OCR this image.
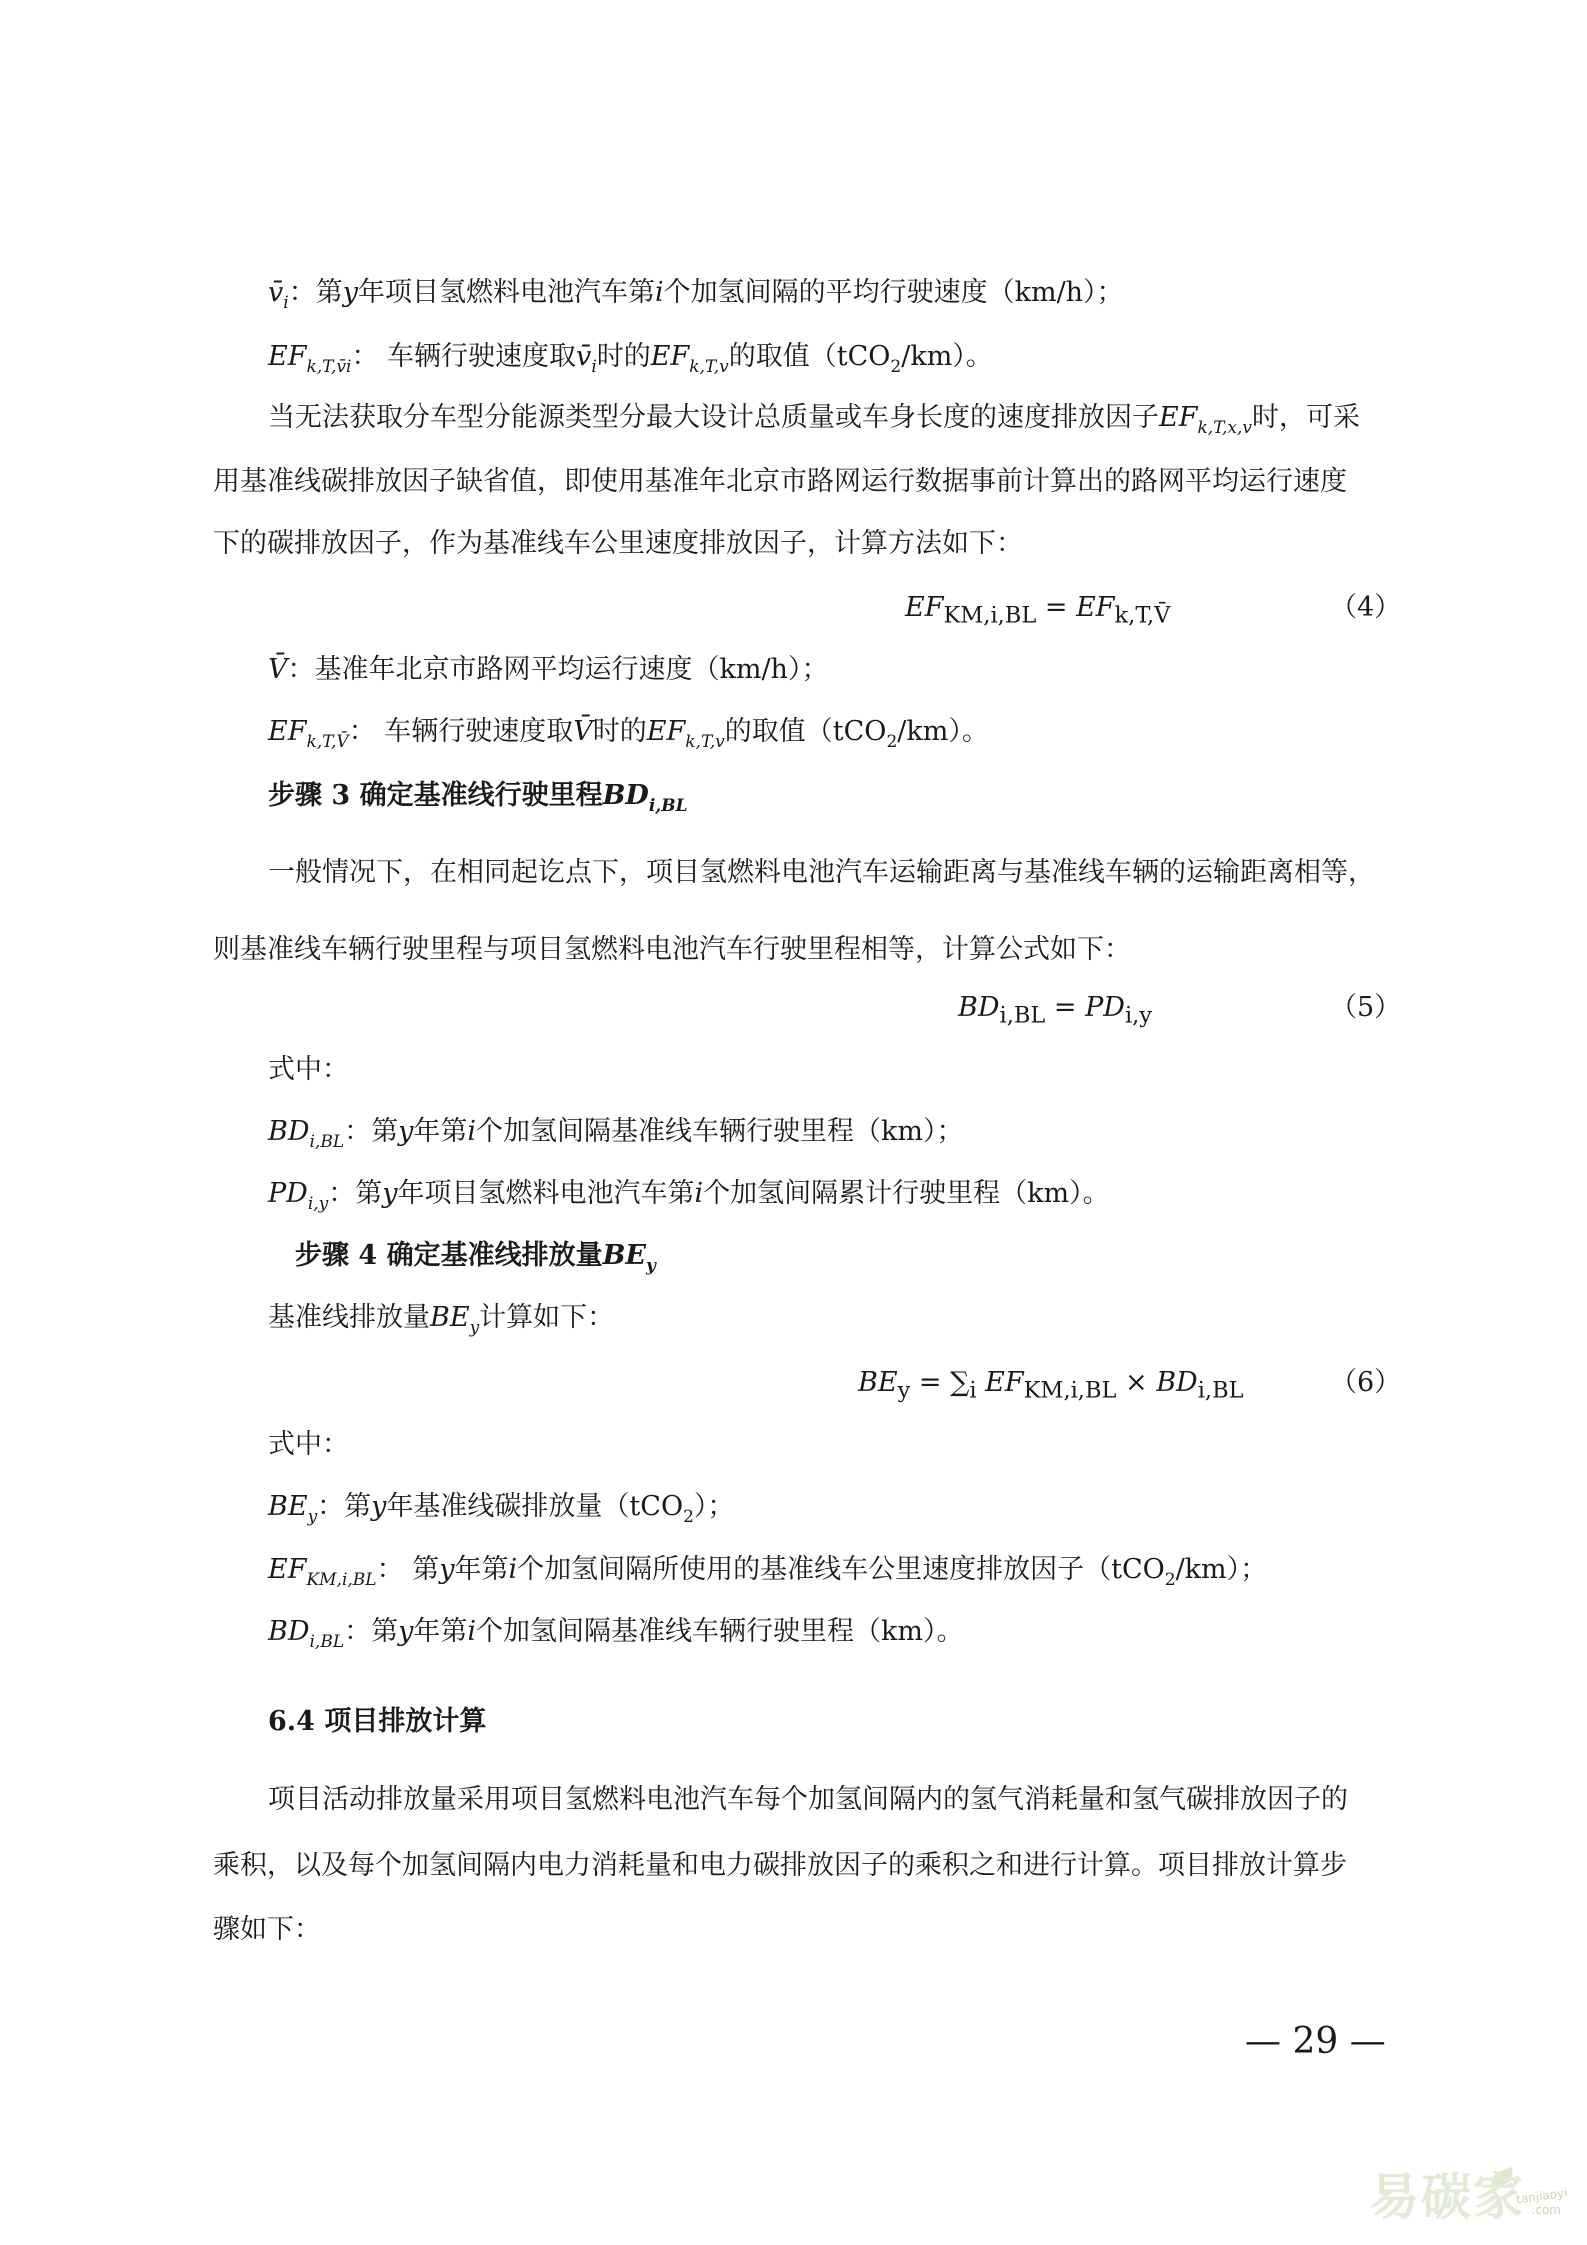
$v̄_i$：第y年项目氢燃料电池汽车第i个加氢间隔的平均行驶速度（km/h）；
$EF_{k,T,v̄i}$： 车辆行驶速度取$v̄_i$时的$EF_{k,T,v}$的取值（tCO$_2$/km）。
当无法获取分车型分能源类型分最大设计总质量或车身长度的速度排放因子$EF_{k,T,x,v}$时，可采
用基准线碳排放因子缺省值，即使用基准年北京市路网运行数据事前计算出的路网平均运行速度
下的碳排放因子，作为基准线车公里速度排放因子，计算方法如下：
V̄：基准年北京市路网平均运行速度（km/h）；
$EF_{k,T,V̄}$： 车辆行驶速度取V̄时的$EF_{k,T,v}$的取值（tCO$_2$/km）。
步骤 3 确定基准线行驶里程$BD_{i,BL}$
一般情况下，在相同起讫点下，项目氢燃料电池汽车运输距离与基准线车辆的运输距离相等，
则基准线车辆行驶里程与项目氢燃料电池汽车行驶里程相等，计算公式如下：
式中：
$BD_{i,BL}$：第y年第i个加氢间隔基准线车辆行驶里程（km）；
$PD_{i,y}$：第y年项目氢燃料电池汽车第i个加氢间隔累计行驶里程（km）。
步骤 4 确定基准线排放量$BE_y$
基准线排放量$BE_y$计算如下：
式中：
$BE_y$：第y年基准线碳排放量（tCO$_2$）；
$EF_{KM,i,BL}$： 第y年第i个加氢间隔所使用的基准线车公里速度排放因子（tCO$_2$/km）；
$BD_{i,BL}$：第y年第i个加氢间隔基准线车辆行驶里程（km）。
6.4 项目排放计算
项目活动排放量采用项目氢燃料电池汽车每个加氢间隔内的氢气消耗量和氢气碳排放因子的
乘积，以及每个加氢间隔内电力消耗量和电力碳排放因子的乘积之和进行计算。项目排放计算步
骤如下：
$EF_{KM,i,BL} = EF_{k,T,V̄}$	（4）
$BD_{i,BL} = PD_{i,y}$	（5）
$BE_y = \sum_i$ $EF_{KM,i,BL} \times BD_{i,BL}$	（6）
— 29 —
易碳家
tanjiaoyi
.com
